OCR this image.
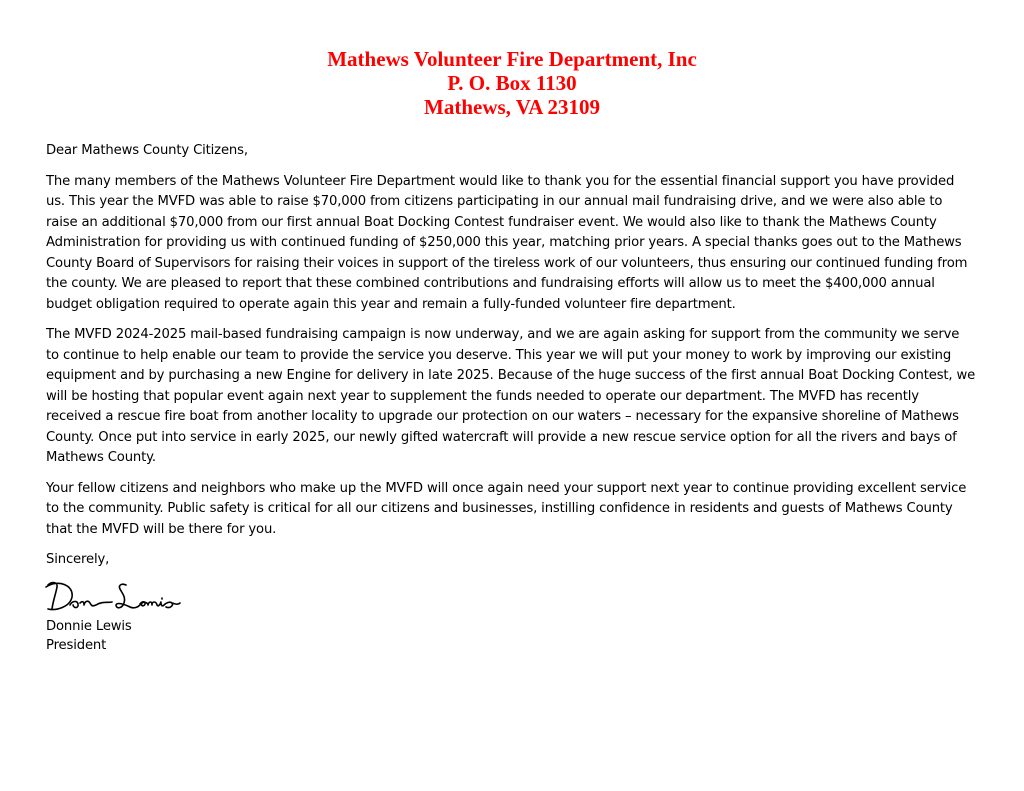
Mathews Volunteer Fire Department, Inc
P. O. Box 1130
Mathews, VA 23109

Dear Mathews County Citizens,

The many members of the Mathews Volunteer Fire Department would like to thank you for the essential financial support you have provided us. This year the MVFD was able to raise $70,000 from citizens participating in our annual mail fundraising drive, and we were also able to raise an additional $70,000 from our first annual Boat Docking Contest fundraiser event. We would also like to thank the Mathews County Administration for providing us with continued funding of $250,000 this year, matching prior years. A special thanks goes out to the Mathews County Board of Supervisors for raising their voices in support of the tireless work of our volunteers, thus ensuring our continued funding from the county. We are pleased to report that these combined contributions and fundraising efforts will allow us to meet the $400,000 annual budget obligation required to operate again this year and remain a fully-funded volunteer fire department.

The MVFD 2024-2025 mail-based fundraising campaign is now underway, and we are again asking for support from the community we serve to continue to help enable our team to provide the service you deserve. This year we will put your money to work by improving our existing equipment and by purchasing a new Engine for delivery in late 2025. Because of the huge success of the first annual Boat Docking Contest, we will be hosting that popular event again next year to supplement the funds needed to operate our department. The MVFD has recently received a rescue fire boat from another locality to upgrade our protection on our waters – necessary for the expansive shoreline of Mathews County. Once put into service in early 2025, our newly gifted watercraft will provide a new rescue service option for all the rivers and bays of Mathews County.

Your fellow citizens and neighbors who make up the MVFD will once again need your support next year to continue providing excellent service to the community. Public safety is critical for all our citizens and businesses, instilling confidence in residents and guests of Mathews County that the MVFD will be there for you.

Sincerely,

Donnie Lewis
President
